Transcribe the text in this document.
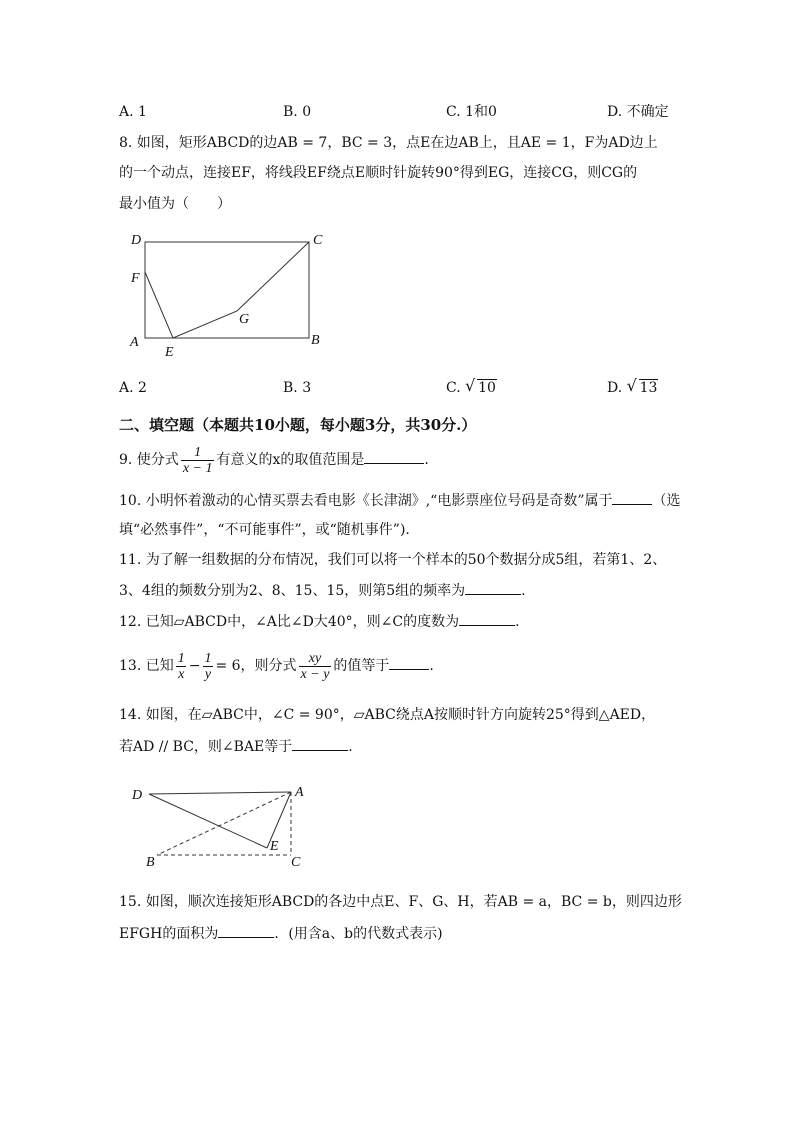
A. 1	B. 0	C. 1和0	D. 不确定
8. 如图，矩形ABCD的边AB = 7，BC = 3，点E在边AB上，且AE = 1，F为AD边上
的一个动点，连接EF，将线段EF绕点E顺时针旋转90°得到EG，连接CG，则CG的
最小值为（　　）
D	C
F
G
A
E
B
A. 2	B. 3	C. √ 10	D. √ 13
二、填空题（本题共10小题，每小题3分，共30分.）
9. 使分式 $\frac{1}{x - 1}$ 有意义的x的取值范围是	.
10. 小明怀着激动的心情买票去看电影《长津湖》,“电影票座位号码是奇数”属于	（选
填“必然事件”，“不可能事件”，或“随机事件”).
11. 为了解一组数据的分布情况，我们可以将一个样本的50个数据分成5组，若第1、2、
3、4组的频数分别为2、8、15、15，则第5组的频率为	.
12. 已知▱ABCD中，∠A比∠D大40°，则∠C的度数为	.
13. 已知 $\frac{1}{x} - \frac{1}{y} = 6$，则分式 $\frac{xy}{x - y}$ 的值等于	.
14. 如图，在▱ABC中，∠C = 90°，▱ABC绕点A按顺时针方向旋转25°得到△AED，
若AD // BC，则∠BAE等于	.
D	A
E
B	C
15. 如图，顺次连接矩形ABCD的各边中点E、F、G、H，若AB = a，BC = b，则四边形
EFGH的面积为	．(用含a、b的代数式表示)
